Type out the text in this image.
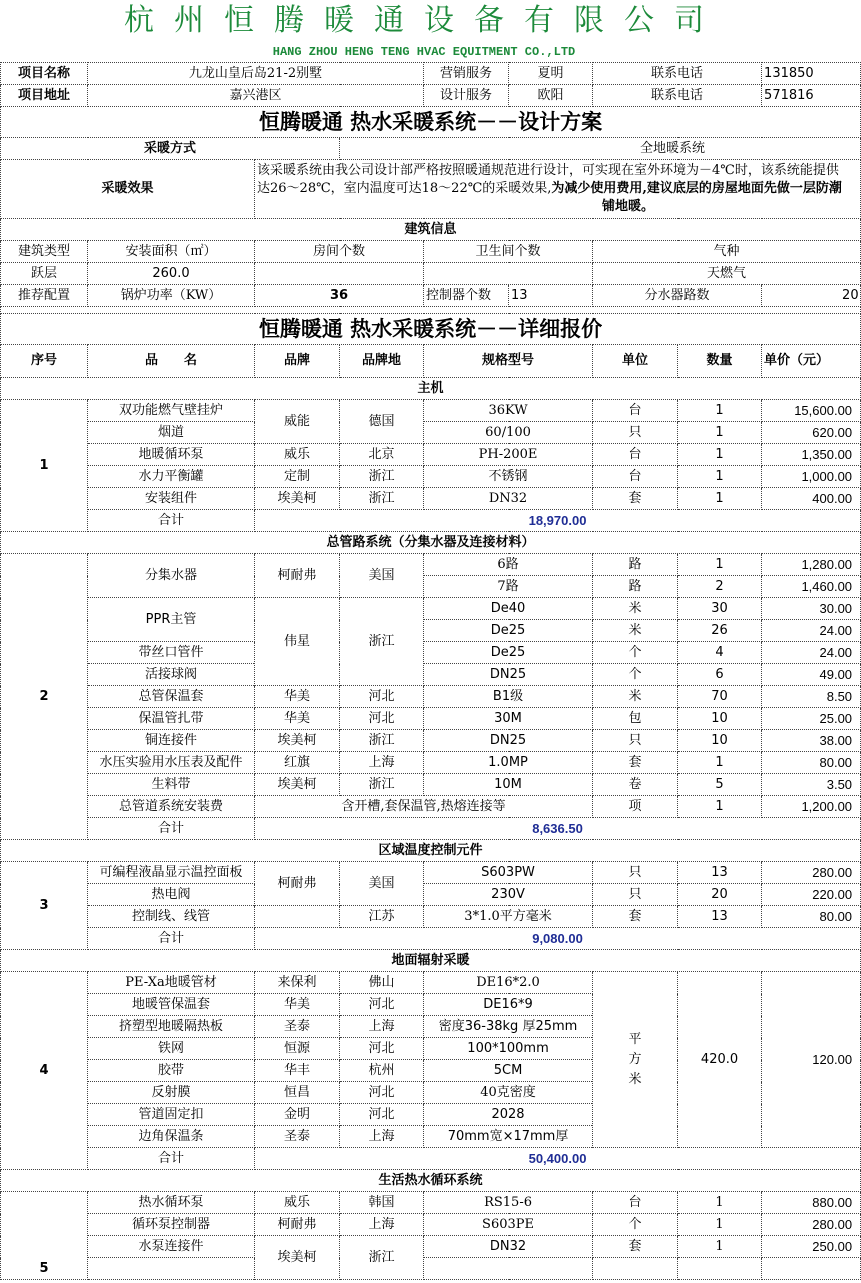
杭州恒腾暖通设备有限公司
HANG ZHOU HENG TENG HVAC EQUITMENT CO.,LTD
项目名称	九龙山皇后岛21-2别墅			营销服务	夏明	联系电话		131850
项目地址	嘉兴港区			设计服务	欧阳	联系电话		571816
恒腾暖通 热水采暖系统－－设计方案								
采暖方式			全地暖系统					
采暖效果		该采暖系统由我公司设计部严格按照暖通规范进行设计，可实现在室外环境为－4℃时，该系统能提供
达26～28℃，室内温度可达18～22℃的采暖效果,为减少使用费用,建议底层的房屋地面先做一层防潮
铺地暖。						
建筑信息								
建筑类型	安装面积（㎡）	房间个数		卫生间个数		气种		
跃层	260.0					天燃气		
推荐配置	锅炉功率（KW）	36		控制器个数	13	分水器路数		20

恒腾暖通 热水采暖系统－－详细报价								
序号	品　　名	品牌	品牌地	规格型号		单位	数量	单价（元）
主机								
1	双功能燃气壁挂炉	威能	德国	36KW		台	1	15,600.00
	烟道			60/100		只	1	620.00
	地暖循环泵	威乐	北京	PH-200E		台	1	1,350.00
	水力平衡罐	定制	浙江	不锈钢		台	1	1,000.00
	安装组件	埃美柯	浙江	DN32		套	1	400.00
	合计	18,970.00						
总管路系统（分集水器及连接材料）								
2	分集水器	柯耐弗	美国	6路		路	1	1,280.00
				7路		路	2	1,460.00
	PPR主管	伟星	浙江	De40		米	30	30.00
				De25		米	26	24.00
	带丝口管件			De25		个	4	24.00
	活接球阀			DN25		个	6	49.00
	总管保温套	华美	河北	B1级		米	70	8.50
	保温管扎带	华美	河北	30M		包	10	25.00
	铜连接件	埃美柯	浙江	DN25		只	10	38.00
	水压实验用水压表及配件	红旗	上海	1.0MP		套	1	80.00
	生料带	埃美柯	浙江	10M		卷	5	3.50
	总管道系统安装费	含开槽,套保温管,热熔连接等				项	1	1,200.00
	合计	8,636.50						
区域温度控制元件								
3	可编程液晶显示温控面板	柯耐弗	美国	S603PW		只	13	280.00
	热电阀			230V		只	20	220.00
	控制线、线管		江苏	3*1.0平方毫米		套	13	80.00
	合计	9,080.00						
地面辐射采暖								
4	PE-Xa地暖管材	来保利	佛山	DE16*2.0		平方米	420.0	120.00
	地暖管保温套	华美	河北	DE16*9				
	挤塑型地暖隔热板	圣泰	上海	密度36-38kg 厚25mm				
	铁网	恒源	河北	100*100mm				
	胶带	华丰	杭州	5CM				
	反射膜	恒昌	河北	40克密度				
	管道固定扣	金明	河北	2028				
	边角保温条	圣泰	上海	70mm宽×17mm厚				
	合计	50,400.00						
生活热水循环系统								
5	热水循环泵	威乐	韩国	RS15-6		台	1	880.00
	循环泵控制器	柯耐弗	上海	S603PE		个	1	280.00
	水泵连接件	埃美柯	浙江	DN32		套	1	250.00
